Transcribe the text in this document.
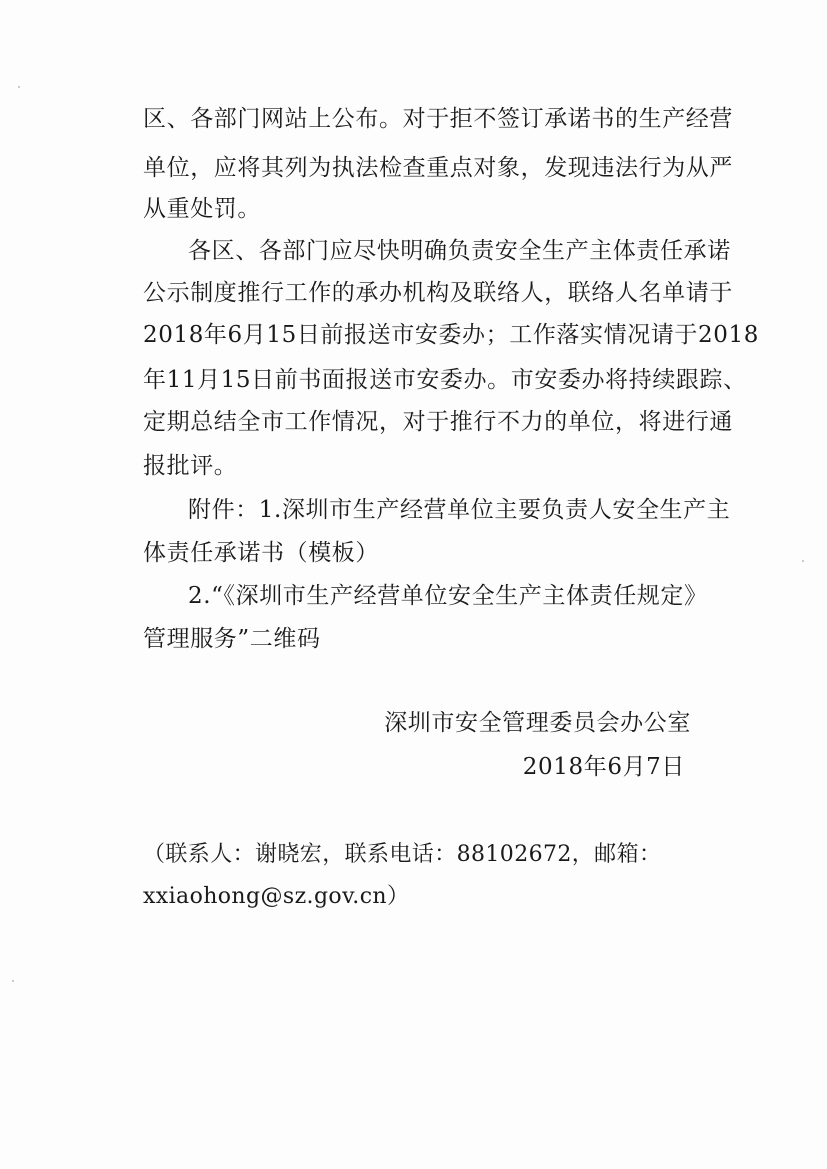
区、各部门网站上公布。对于拒不签订承诺书的生产经营
单位，应将其列为执法检查重点对象，发现违法行为从严
从重处罚。
各区、各部门应尽快明确负责安全生产主体责任承诺
公示制度推行工作的承办机构及联络人，联络人名单请于
2018年6月15日前报送市安委办；工作落实情况请于2018
年11月15日前书面报送市安委办。市安委办将持续跟踪、
定期总结全市工作情况，对于推行不力的单位，将进行通
报批评。
附件：1.深圳市生产经营单位主要负责人安全生产主
体责任承诺书（模板）
2.“《深圳市生产经营单位安全生产主体责任规定》
管理服务”二维码
深圳市安全管理委员会办公室
2018年6月7日
（联系人：谢晓宏，联系电话：88102672，邮箱：
xxiaohong@sz.gov.cn）
